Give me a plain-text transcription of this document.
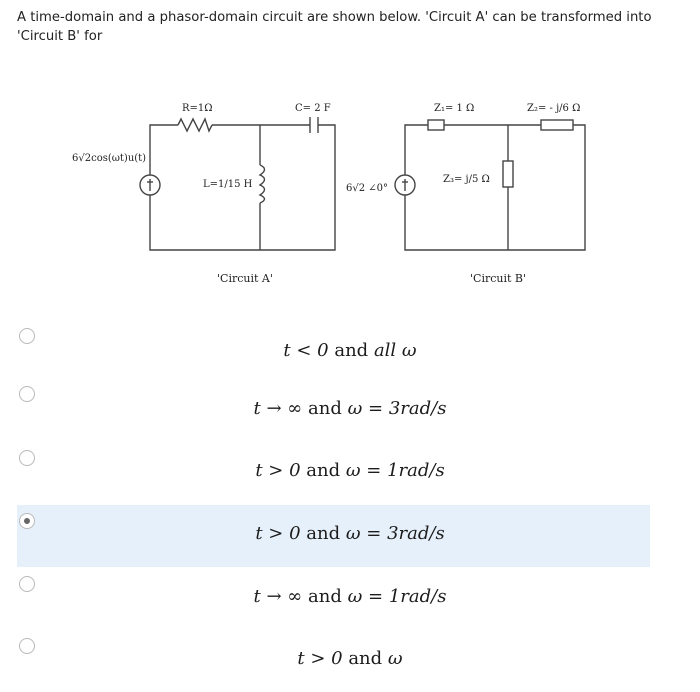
A time-domain and a phasor-domain circuit are shown below. 'Circuit A' can be transformed into 'Circuit B' for
R=1Ω	C= 2 F
L=1/15 H
6√2cos(ωt)u(t)
'Circuit A'
Z₁= 1 Ω	Z₂= - j/6 Ω
Z₃= j/5 Ω
6√2 ∠0°
'Circuit B'
t < 0 and all ω
t → ∞ and ω = 3rad/s
t > 0 and ω = 1rad/s
t > 0 and ω = 3rad/s
t → ∞ and ω = 1rad/s
t > 0 and ω
